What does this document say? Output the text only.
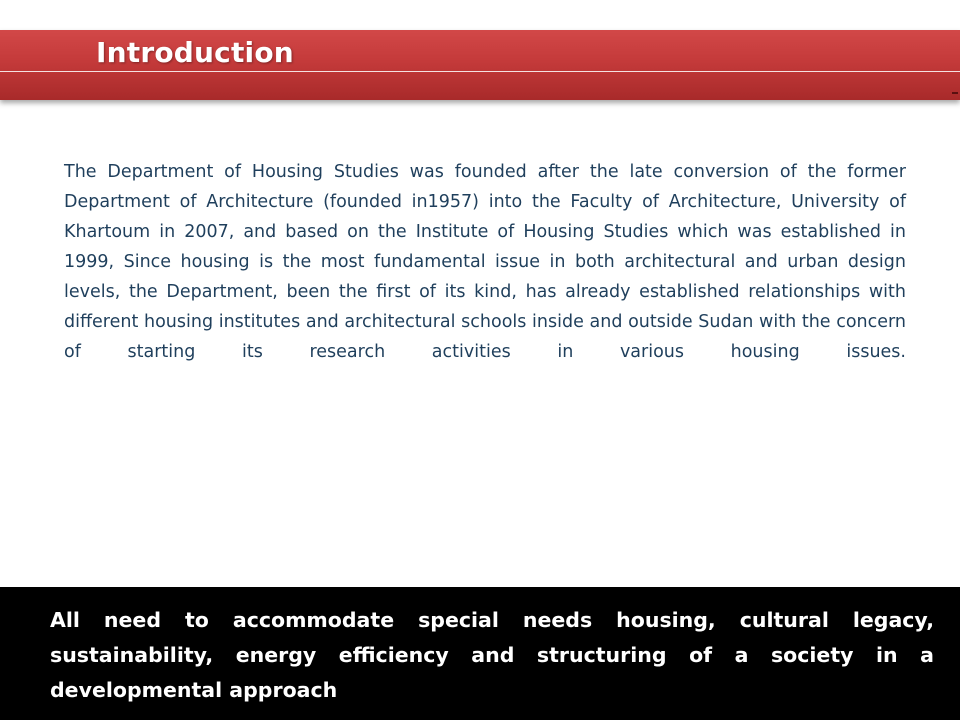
Introduction

The Department of Housing Studies was founded after the late conversion of the former Department of Architecture (founded in1957) into the Faculty of Architecture, University of Khartoum in 2007, and based on the Institute of Housing Studies which was established in 1999, Since housing is the most fundamental issue in both architectural and urban design levels, the Department, been the first of its kind, has already established relationships with different housing institutes and architectural schools inside and outside Sudan with the concern of starting its research activities in various housing issues.

All need to accommodate special needs housing, cultural legacy, sustainability, energy efficiency and structuring of a society in a developmental approach
